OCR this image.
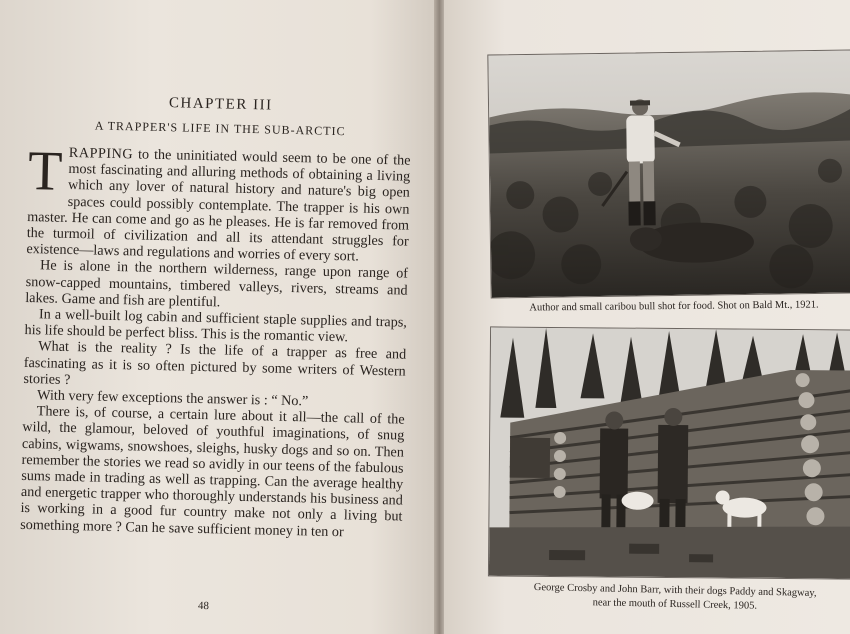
CHAPTER III
A TRAPPER'S LIFE IN THE SUB-ARCTIC

TRAPPING to the uninitiated would seem to be one of the most fascinating and alluring methods of obtaining a living which any lover of natural history and nature's big open spaces could possibly contemplate. The trapper is his own master. He can come and go as he pleases. He is far removed from the turmoil of civilization and all its attendant struggles for existence—laws and regulations and worries of every sort.

He is alone in the northern wilderness, range upon range of snow-capped mountains, timbered valleys, rivers, streams and lakes. Game and fish are plentiful.

In a well-built log cabin and sufficient staple supplies and traps, his life should be perfect bliss. This is the romantic view.

What is the reality ? Is the life of a trapper as free and fascinating as it is so often pictured by some writers of Western stories ?

With very few exceptions the answer is : “ No.”

There is, of course, a certain lure about it all—the call of the wild, the glamour, beloved of youthful imaginations, of snug cabins, wigwams, snowshoes, sleighs, husky dogs and so on. Then remember the stories we read so avidly in our teens of the fabulous sums made in trading as well as trapping. Can the average healthy and energetic trapper who thoroughly understands his business and is working in a good fur country make not only a living but something more ? Can he save sufficient money in ten or

48
Author and small caribou bull shot for food. Shot on Bald Mt., 1921.
George Crosby and John Barr, with their dogs Paddy and Skagway,
near the mouth of Russell Creek, 1905.
